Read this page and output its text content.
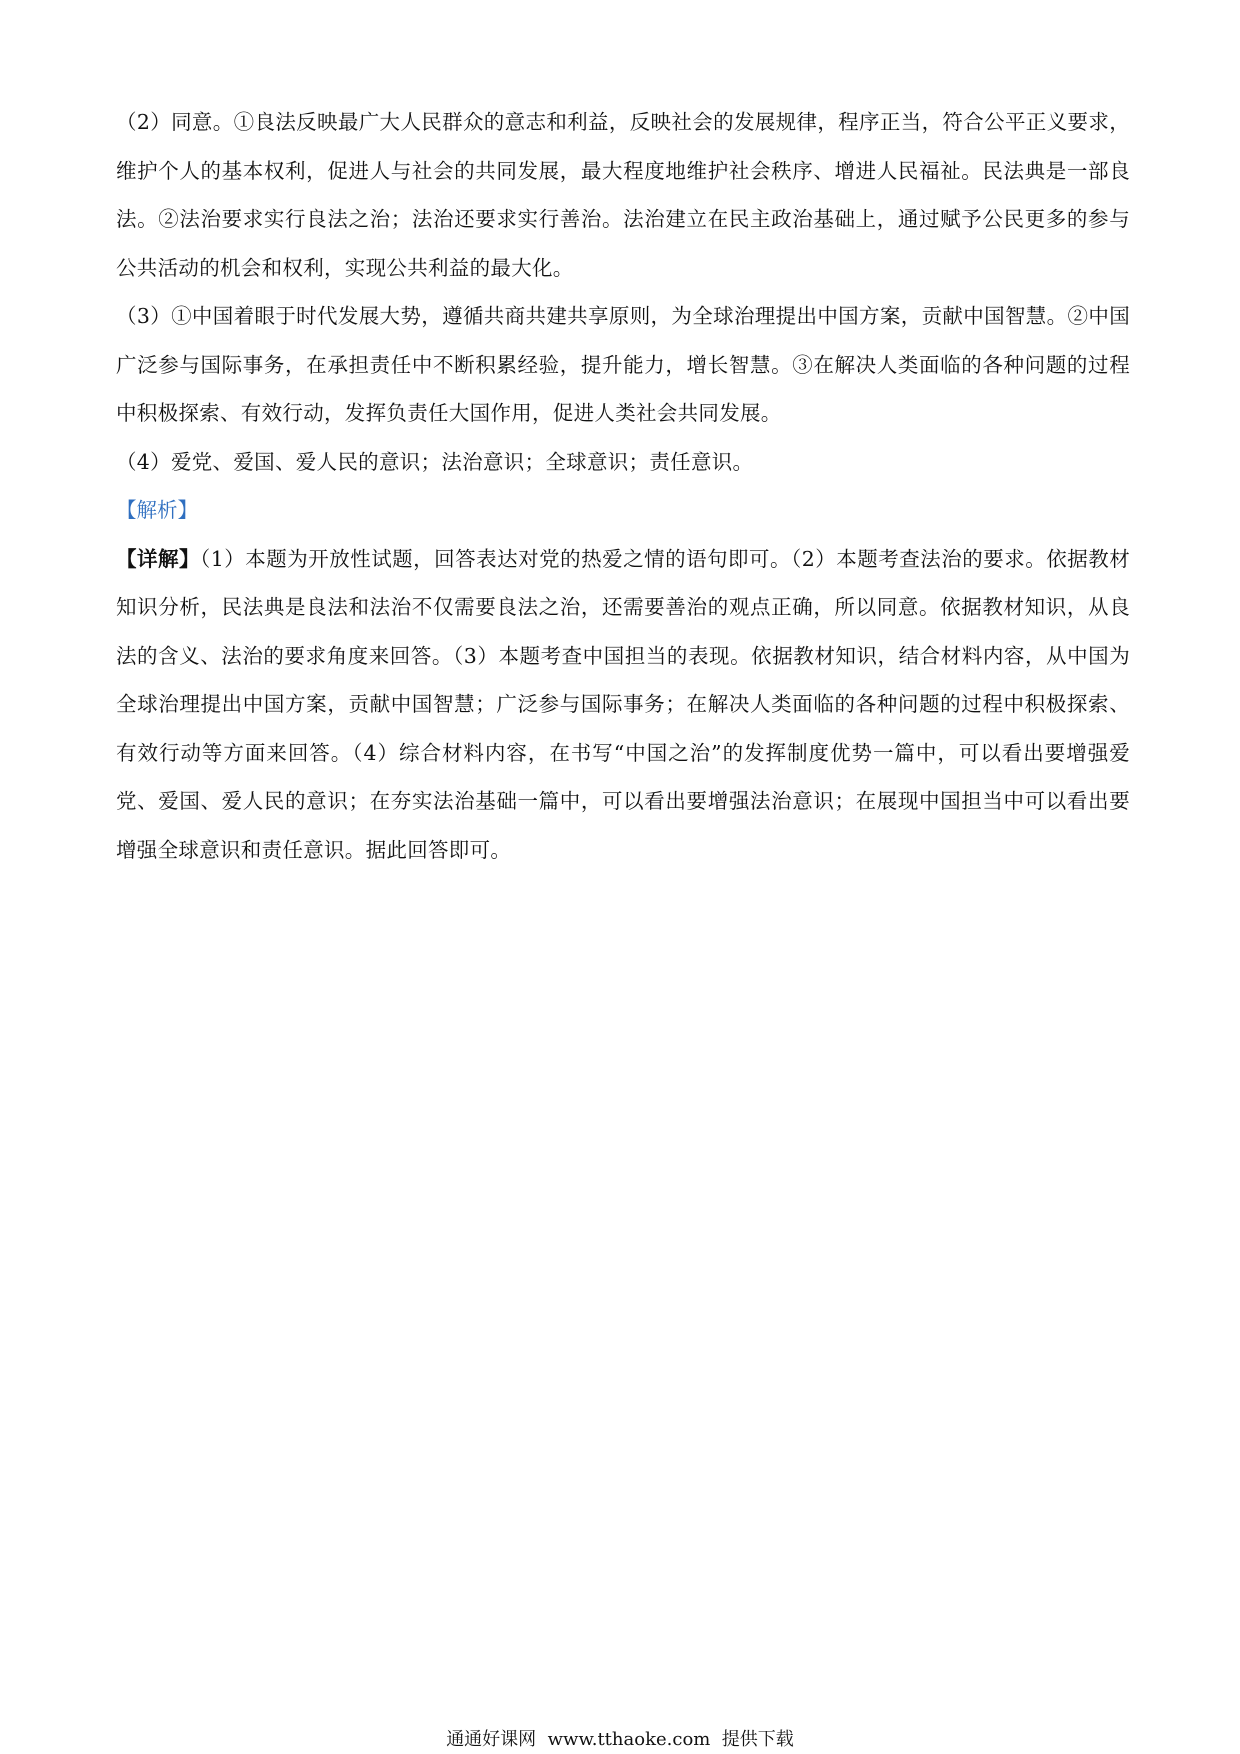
（2）同意。①良法反映最广大人民群众的意志和利益，反映社会的发展规律，程序正当，符合公平正义要求，维护个人的基本权利，促进人与社会的共同发展，最大程度地维护社会秩序、增进人民福祉。民法典是一部良法。②法治要求实行良法之治；法治还要求实行善治。法治建立在民主政治基础上，通过赋予公民更多的参与公共活动的机会和权利，实现公共利益的最大化。

（3）①中国着眼于时代发展大势，遵循共商共建共享原则，为全球治理提出中国方案，贡献中国智慧。②中国广泛参与国际事务，在承担责任中不断积累经验，提升能力，增长智慧。③在解决人类面临的各种问题的过程中积极探索、有效行动，发挥负责任大国作用，促进人类社会共同发展。

（4）爱党、爱国、爱人民的意识；法治意识；全球意识；责任意识。

【解析】

【详解】（1）本题为开放性试题，回答表达对党的热爱之情的语句即可。（2）本题考查法治的要求。依据教材知识分析，民法典是良法和法治不仅需要良法之治，还需要善治的观点正确，所以同意。依据教材知识，从良法的含义、法治的要求角度来回答。（3）本题考查中国担当的表现。依据教材知识，结合材料内容，从中国为全球治理提出中国方案，贡献中国智慧；广泛参与国际事务；在解决人类面临的各种问题的过程中积极探索、有效行动等方面来回答。（4）综合材料内容，在书写“中国之治”的发挥制度优势一篇中，可以看出要增强爱党、爱国、爱人民的意识；在夯实法治基础一篇中，可以看出要增强法治意识；在展现中国担当中可以看出要增强全球意识和责任意识。据此回答即可。

通通好课网 www.tthaoke.com 提供下载
